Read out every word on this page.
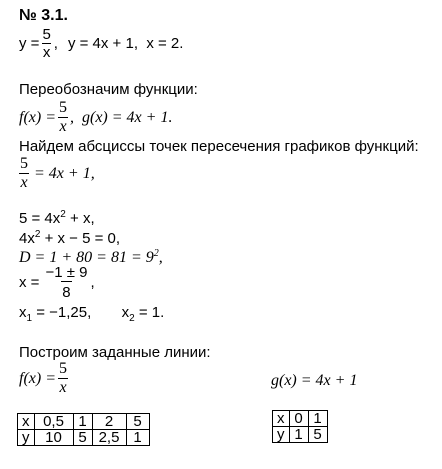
№ 3.1.
$y = \frac{5}{x}$ , y = 4x + 1,  x = 2.
Переобозначим функции:
$f(x) = \frac{5}{x}$ ,  g(x) = 4x + 1.
Найдем абсциссы точек пересечения графиков функций:
$\frac{5}{x} = 4x + 1$,
$5 = 4x^2 + x$,
$4x^2 + x - 5 = 0$,
$D = 1 + 80 = 81 = 9^2$,
$x = \frac{-1 \pm 9}{8}$ ,
$x_1 = -1,25$, $x_2 = 1$.
Построим заданные линии:
$f(x) = \frac{5}{x}$	g(x) = 4x + 1
x	0,5	1	2	5
y	10	5	2,5	1
x	0	1
y	1	5
